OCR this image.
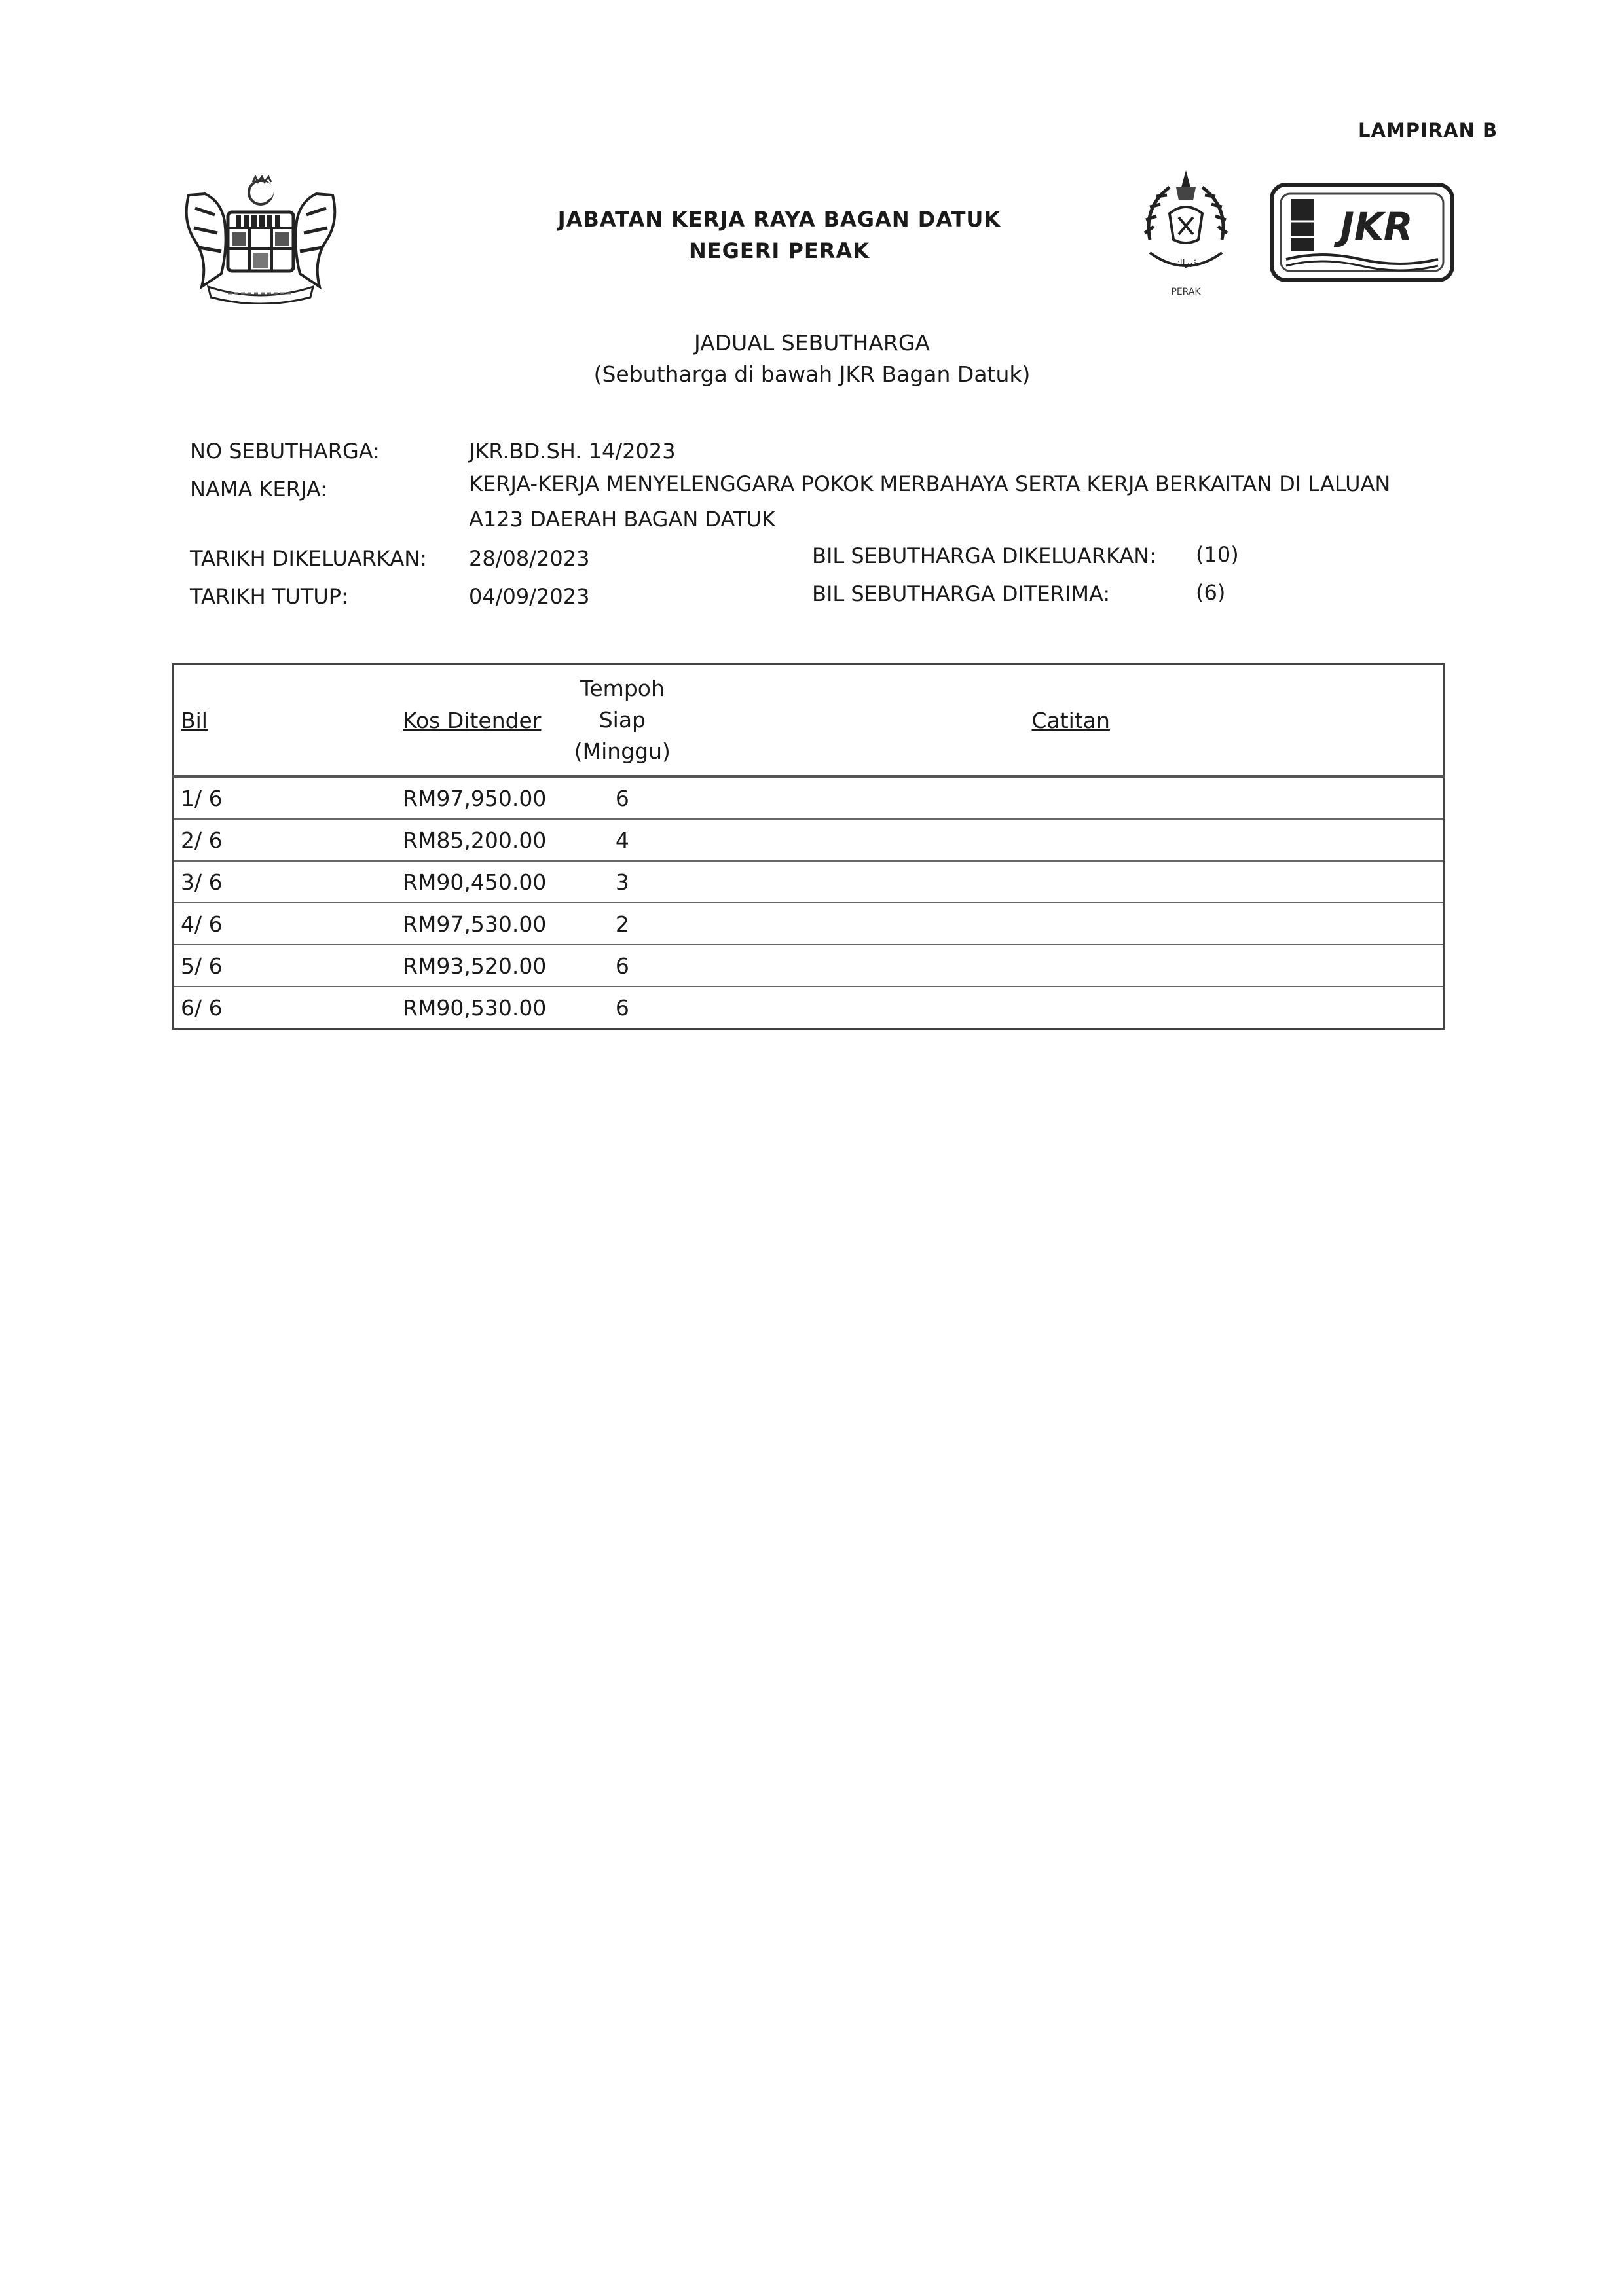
LAMPIRAN B
JABATAN KERJA RAYA BAGAN DATUK
NEGERI PERAK	ﮈﯿﺮﺍﻙ
PERAK
JKR
JADUAL SEBUTHARGA
(Sebutharga di bawah JKR Bagan Datuk)
NO SEBUTHARGA:	JKR.BD.SH. 14/2023
NAMA KERJA:	KERJA-KERJA MENYELENGGARA POKOK MERBAHAYA SERTA KERJA BERKAITAN DI LALUAN
A123 DAERAH BAGAN DATUK
TARIKH DIKELUARKAN: 28/08/2023	BIL SEBUTHARGA DIKELUARKAN: (10)
TARIKH TUTUP:	04/09/2023	BIL SEBUTHARGA DITERIMA:	(6)
Bil	Kos Ditender	Tempoh
Siap
(Minggu)	Catitan
1/ 6	RM97,950.00	6	
2/ 6	RM85,200.00	4	
3/ 6	RM90,450.00	3	
4/ 6	RM97,530.00	2	
5/ 6	RM93,520.00	6	
6/ 6	RM90,530.00	6	
